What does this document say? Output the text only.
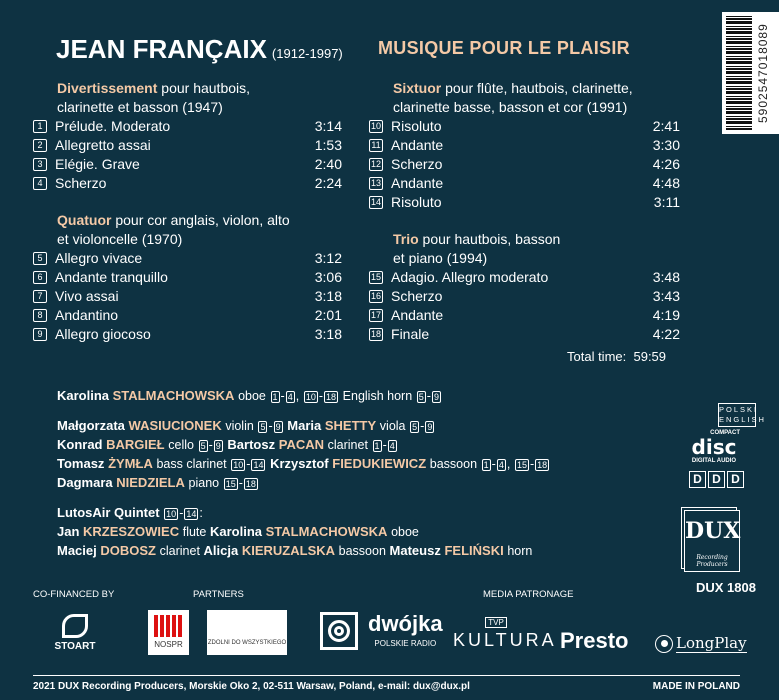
JEAN FRANÇAIX (1912-1997) MUSIQUE POUR LE PLAISIR
Divertissement pour hautbois,
clarinette et basson (1947)
1 Prélude. Moderato	3:14
2 Allegretto assai	1:53
3 Elégie. Grave	2:40
4 Scherzo	2:24
Quatuor pour cor anglais, violon, alto
et violoncelle (1970)
5 Allegro vivace	3:12
6 Andante tranquillo	3:06
7 Vivo assai	3:18
8 Andantino	2:01
9 Allegro giocoso	3:18
Sixtuor pour flûte, hautbois, clarinette,
clarinette basse, basson et cor (1991)
10 Risoluto	2:41
11 Andante	3:30
12 Scherzo	4:26
13 Andante	4:48
14 Risoluto	3:11
Trio pour hautbois, basson
et piano (1994)
15 Adagio. Allegro moderato	3:48
16 Scherzo	3:43
17 Andante	4:19
18 Finale	4:22
Total time: 59:59
Karolina STALMACHOWSKA oboe 1 - 4 , 10 - 18 English horn 5 - 9
Małgorzata WASIUCIONEK violin 5 - 9 Maria SHETTY viola 5 - 9
Konrad BARGIEŁ cello 5 - 9 Bartosz PACAN clarinet 1 - 4
Tomasz ŻYMŁA bass clarinet 10 - 14 Krzysztof FIEDUKIEWICZ bassoon 1 - 4 , 15 - 18
Dagmara NIEDZIELA piano 15 - 18
LutosAir Quintet 10 - 14 :
Jan KRZESZOWIEC flute Karolina STALMACHOWSKA oboe
Maciej DOBOSZ clarinet Alicja KIERUZALSKA bassoon Mateusz FELIŃSKI horn
5902547018089
POLSKI
ENGLISH
COMPACT
disc
DIGITAL AUDIO
D D D
DUX
Recording Producers
DUX 1808
CO-FINANCED BY	PARTNERS	MEDIA PATRONAGE
STOART	NOSPR	ZDOLNI DO WSZYSTKIEGO
dwójka
POLSKIE RADIO
TVP
KULTURA Presto	LongPlay
2021 DUX Recording Producers, Morskie Oko 2, 02-511 Warsaw, Poland, e-mail: dux@dux.pl	MADE IN POLAND
